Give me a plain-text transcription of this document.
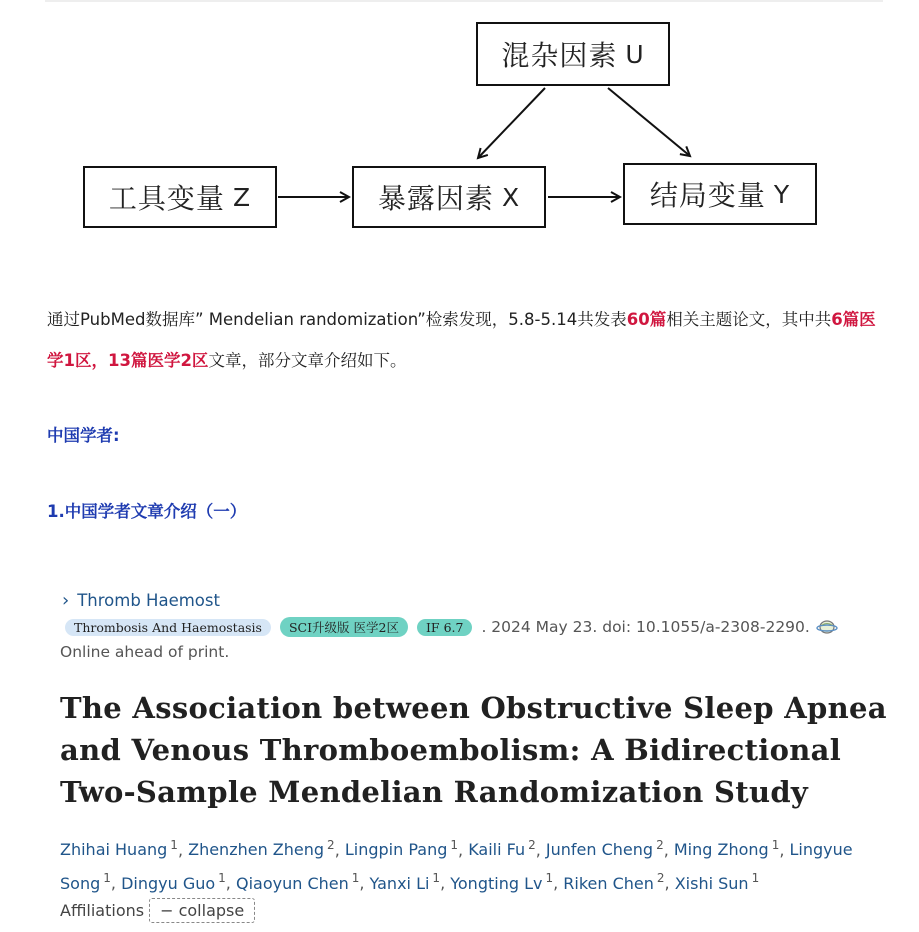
混杂因素 U
工具变量 Z	暴露因素 X	结局变量 Y
通过PubMed数据库” Mendelian randomization”检索发现，5.8-5.14共发表60篇相关主题论文，其中共6篇医学1区，13篇医学2区文章，部分文章介绍如下。
中国学者:
1.中国学者文章介绍（一）
› Thromb Haemost
Thrombosis And Haemostasis	SCI升级版 医学2区	IF 6.7	. 2024 May 23. doi: 10.1055/a-2308-2290.
Online ahead of print.
The Association between Obstructive Sleep Apnea and Venous Thromboembolism: A Bidirectional Two-Sample Mendelian Randomization Study
Zhihai Huang $^1$, Zhenzhen Zheng $^2$, Lingpin Pang $^1$, Kaili Fu $^2$, Junfen Cheng $^2$, Ming Zhong $^1$, Lingyue Song $^1$, Dingyu Guo $^1$, Qiaoyun Chen $^1$, Yanxi Li $^1$, Yongting Lv $^1$, Riken Chen $^2$, Xishi Sun $^1$
Affiliations	− collapse
